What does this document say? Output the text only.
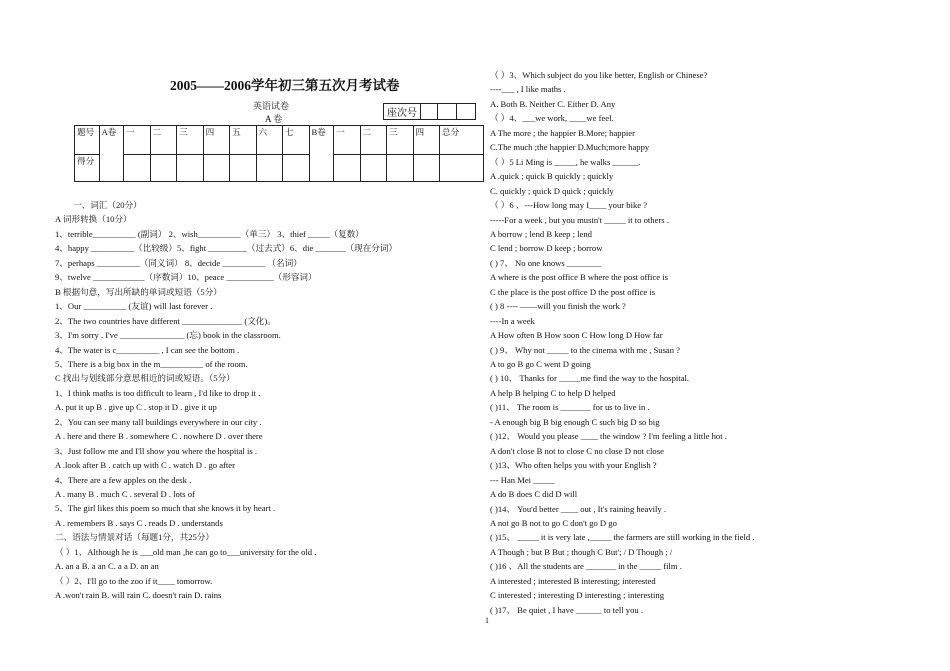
2005——2006学年初三第五次月考试卷
英语试卷
A 卷	座次号			
题号	A卷	一	二	三	四	五	六	七	B卷	一	二	三	四	总分
得分														
一、词汇（20分）
A 词形转换（10分）
1、terrible__________ (副词） 2、wish__________（单三） 3、thief _____（复数）
4、happy __________（比较级）5、fight _________（过去式）6、die _______（现在分词）
7、perhaps __________（同义词） 8、decide __________ （名词）
9、twelve ____________（序数词）10、peace ___________（形容词）
B 根据句意，写出所缺的单词或短语（5分）
1、Our __________ (友谊) will last forever .
2、The two countries have different ______________ (文化)。
3、I'm sorry . I've _______________ (忘) book in the classroom.
4、The water is c__________ , I can see the bottom .
5、There is a big box in the m__________ of the room.
C 找出与划线部分意思相近的词或短语。（5分）
1、I think maths is too difficult to learn , I'd like to drop it .
A. put it up B . give up C . stop it D . give it up
2、You can see many tall buildings everywhere in our city .
A . here and there B . somewhere C . nowhere D . over there
3、Just follow me and I'll show you where the hospital is .
A .look after B . catch up with C . watch D . go after
4、There are a few apples on the desk .
A . many B . much C . several D . lots of
5、The girl likes this poem so much that she knows it by heart .
A . remembers B . says C . reads D . understands
二、语法与情景对话（每题1分，共25分）
（ ）1、Although he is ___old man ,he can go to___university for the old .
A. an a B. a an C. a a D. an an
（ ）2、I'll go to the zoo if it____ tomorrow.
A .won't rain B. will rain C. doesn't rain D. rains
（ ）3、Which subject do you like better, English or Chinese?
----___ , I like maths .
A. Both B. Neither C. Either D. Any
（ ）4、___we work, ____we feel.
A The more ; the happier B.More; happier
C.The much ;the happier D.Much;more happy
（ ）5 Li Ming is _____, he walks ______.
A .quick ; quick B quickly ; quickly
C. quickly ; quick D quick ; quickly
（ ）6 、---How long may I____ your bike ?
-----For a week , but you mustn't _____ it to others .
A borrow ; lend B keep ; lend
C lend ; borrow D keep ; borrow
( ) 7、 No one knows ________
A where is the post office B where the post office is
C the place is the post office D the post office is
( ) 8 ---- ——will you finish the work ?
----In a week
A How often B How soon C How long D How far
( ) 9、 Why not _____ to the cinema with me , Susan ?
A to go B go C went D going
( ) 10、 Thanks for _____me find the way to the hospital.
A help B helping C to help D helped
( )11、 The room is _______ for us to live in .
- A enough big B big enough C such big D so big
( )12、 Would you please ____ the window ? I'm feeling a little hot .
A don't close B not to close C no close D not close
( )13、Who often helps you with your English ?
--- Han Mei _____
A do B does C did D will
( )14、 You'd better ____ out , It's raining heavily .
A not go B not to go C don't go D go
( )15、 _____ it is very late ,_____ the farmers are still working in the field .
A Though ; but B But ; though C But'; / D Though ; /
( )16 、All the students are _______ in the _____ film .
A interested ; interested B interesting; interested
C interested ; interesting D interesting ; interesting
( )17、 Be quiet , I have ______ to tell you .
1
